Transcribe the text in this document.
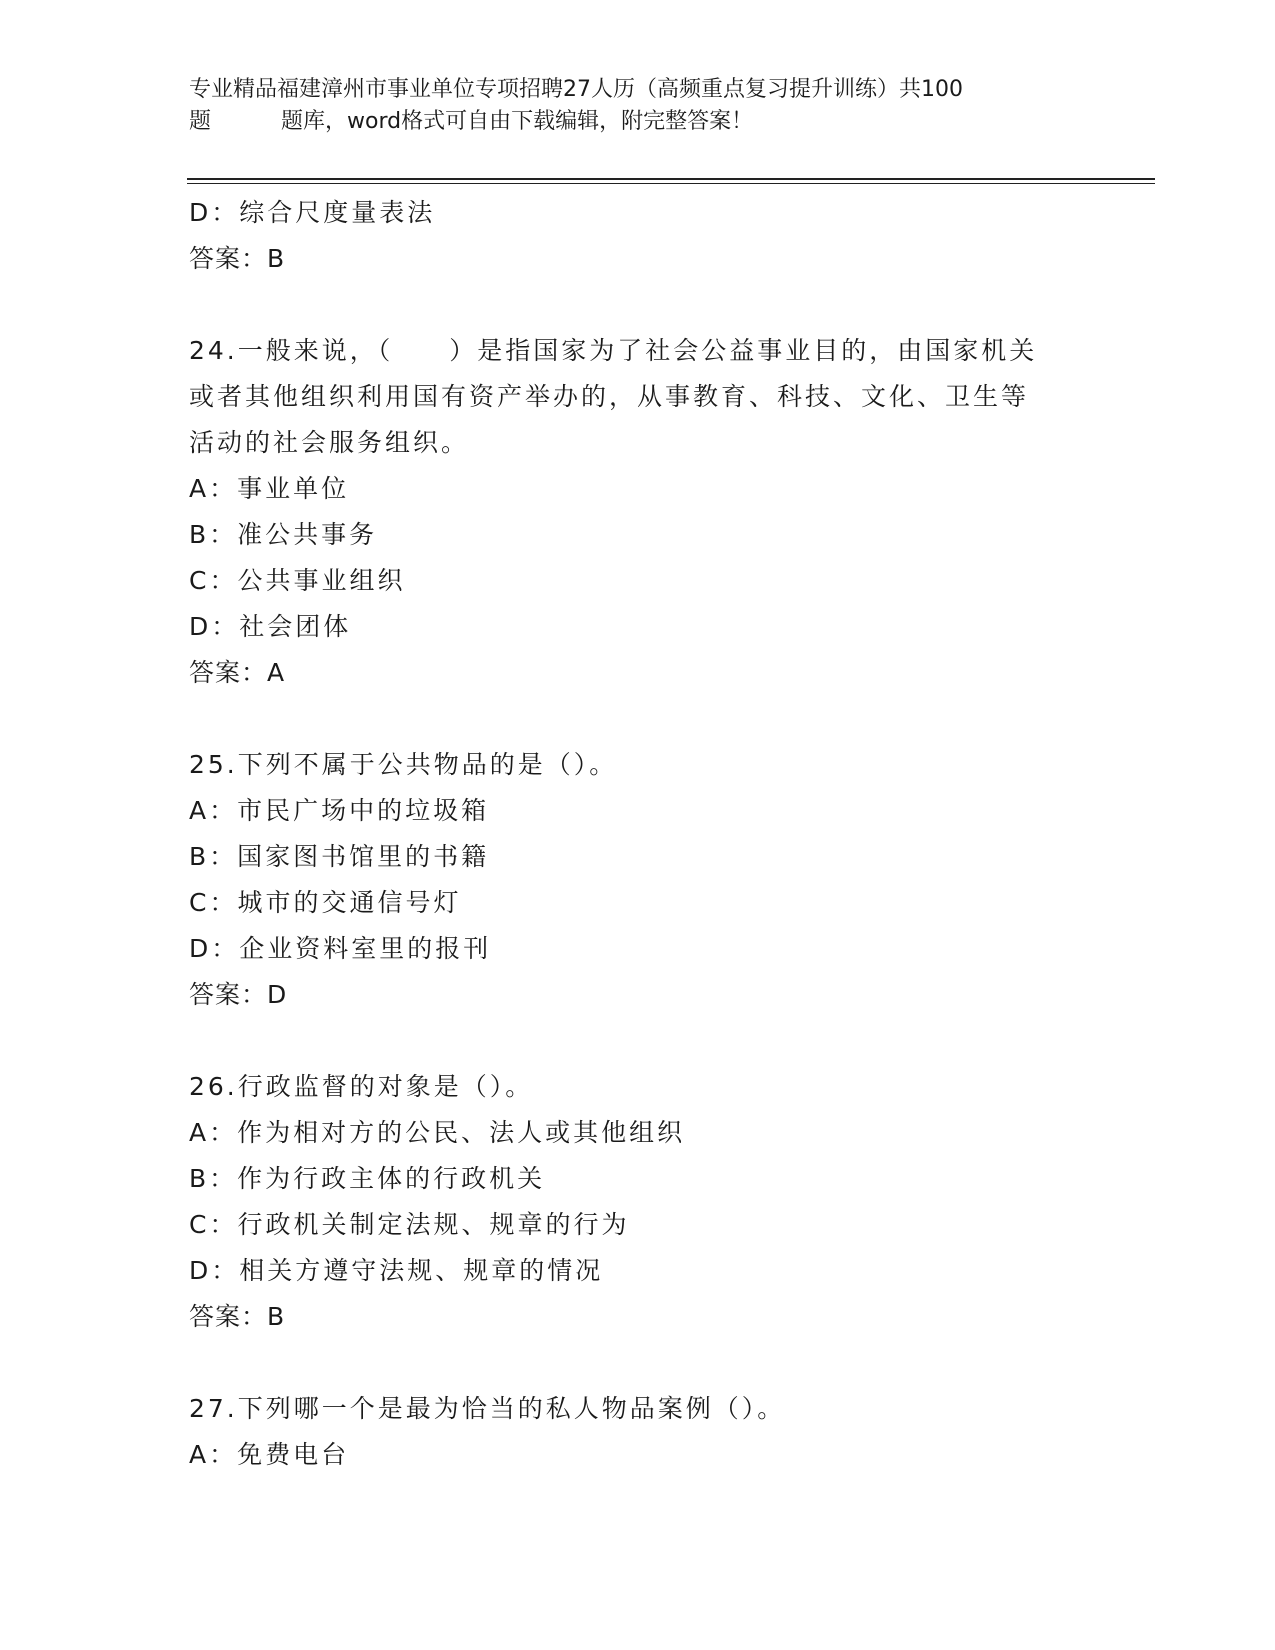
专业精品福建漳州市事业单位专项招聘27人历（高频重点复习提升训练）共100
题	题库，word格式可自由下载编辑，附完整答案！
D：综合尺度量表法
答案：B
24.一般来说，（　　）是指国家为了社会公益事业目的，由国家机关
或者其他组织利用国有资产举办的，从事教育、科技、文化、卫生等
活动的社会服务组织。
A：事业单位
B：准公共事务
C：公共事业组织
D：社会团体
答案：A
25.下列不属于公共物品的是（）。
A：市民广场中的垃圾箱
B：国家图书馆里的书籍
C：城市的交通信号灯
D：企业资料室里的报刊
答案：D
26.行政监督的对象是（）。
A：作为相对方的公民、法人或其他组织
B：作为行政主体的行政机关
C：行政机关制定法规、规章的行为
D：相关方遵守法规、规章的情况
答案：B
27.下列哪一个是最为恰当的私人物品案例（）。
A：免费电台
